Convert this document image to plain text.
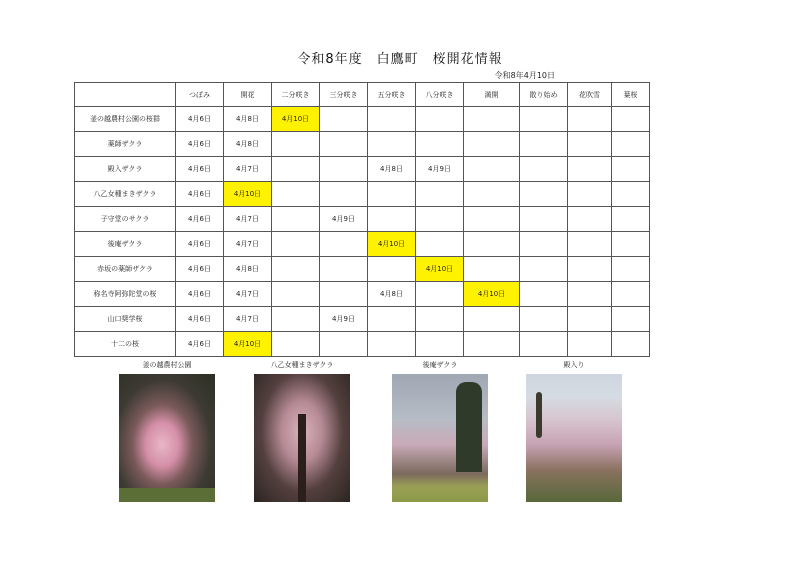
令和8年度　白鷹町　桜開花情報
令和8年4月10日
	つぼみ	開花	二分咲き	三分咲き	五分咲き	八分咲き	満開	散り始め	花吹雪	葉桜
釜の越農村公園の桜群	4月6日	4月8日	4月10日							
薬師ザクラ	4月6日	4月8日								
殿入ザクラ	4月6日	4月7日			4月8日	4月9日				
八乙女種まきザクラ	4月6日	4月10日								
子守堂のサクラ	4月6日	4月7日		4月9日						
後庵ザクラ	4月6日	4月7日			4月10日					
赤坂の薬師ザクラ	4月6日	4月8日				4月10日				
称名寺阿弥陀堂の桜	4月6日	4月7日			4月8日		4月10日			
山口奨学桜	4月6日	4月7日		4月9日						
十二の桜	4月6日	4月10日								
釜の越農村公園	八乙女種まきザクラ	後庵ザクラ	殿入り
